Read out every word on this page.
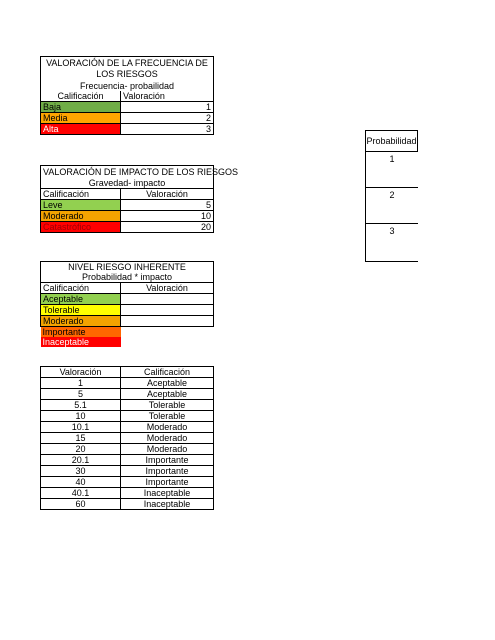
VALORACIÓN DE LA FRECUENCIA DE LOS RIESGOS	
Frecuencia- probailidad	
Calificación	Valoración
Baja	1
Media	2
Alta	3
VALORACIÓN DE IMPACTO DE LOS RIESGOS	
Gravedad- impacto	
Calificación	Valoración
Leve	5
Moderado	10
Catastrófico	20
NIVEL RIESGO INHERENTE	
Probabilidad * impacto	
Calificación	Valoración
Aceptable	
Tolerable	
Moderado	
Importante	
Inaceptable	
Valoración	Calificación
1	Aceptable
5	Aceptable
5.1	Tolerable
10	Tolerable
10.1	Moderado
15	Moderado
20	Moderado
20.1	Importante
30	Importante
40	Importante
40.1	Inaceptable
60	Inaceptable
Probabilidad
1
2
3
